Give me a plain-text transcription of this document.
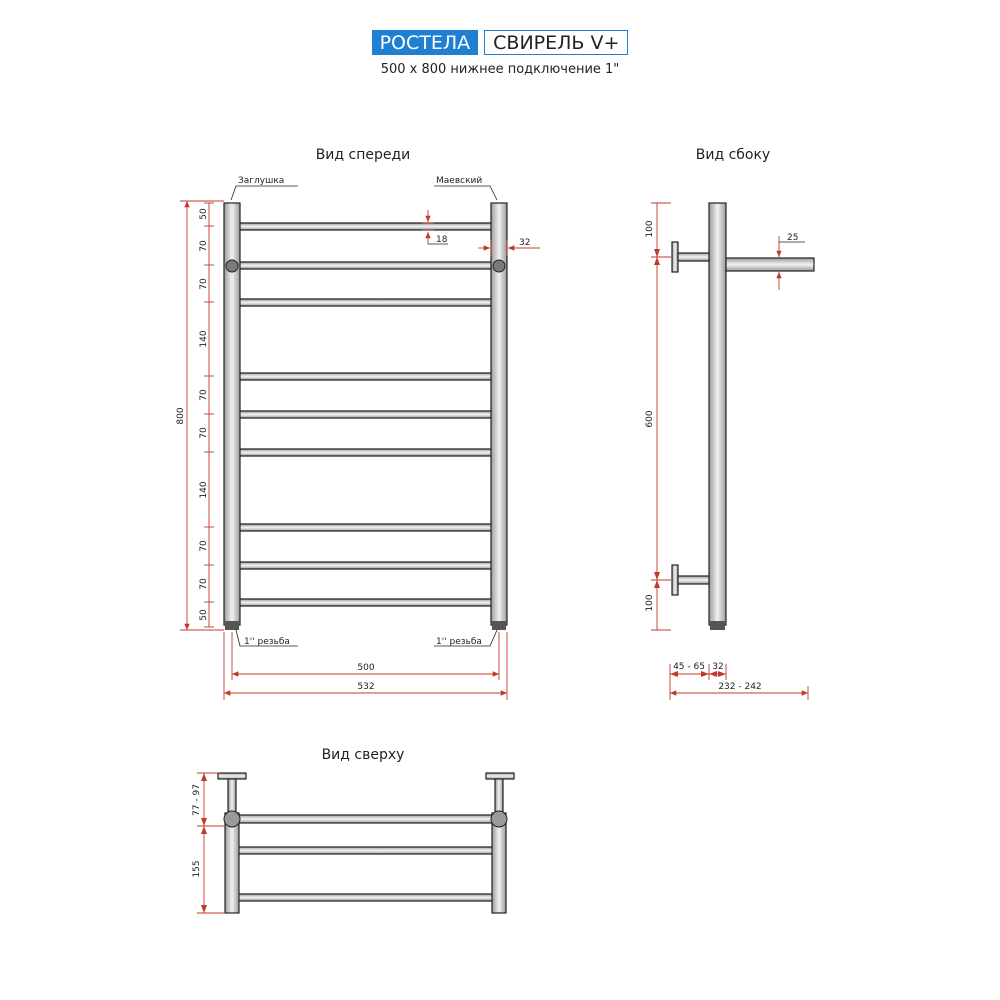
РОСТЕЛА	СВИРЕЛЬ V+
500 х 800 нижнее подключение 1"
Вид спереди
Заглушка	Маевский
1'' резьба	1'' резьба
18	32
800
50
70
70
140
70
70
140
70
70
50
500
532
Вид сбоку
25
100
600
100
45 - 65 32
232 - 242
Вид сверху
77 - 97
155
